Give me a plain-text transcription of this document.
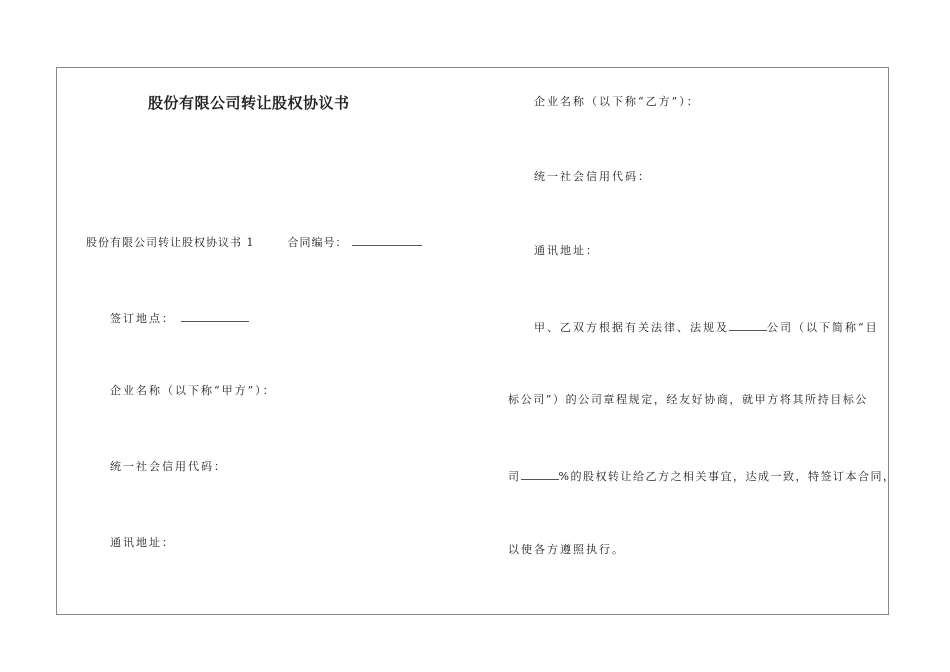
股份有限公司转让股权协议书
股份有限公司转让股权协议书 1	合同编号：
签订地点：
企业名称（以下称“甲方”）：
统一社会信用代码：
通讯地址：
企业名称（以下称“乙方”）：
统一社会信用代码：
通讯地址：
甲、乙双方根据有关法律、法规及	公司（以下简称“目
标公司”）的公司章程规定，经友好协商，就甲方将其所持目标公
司	%的股权转让给乙方之相关事宜，达成一致，特签订本合同，
以使各方遵照执行。
